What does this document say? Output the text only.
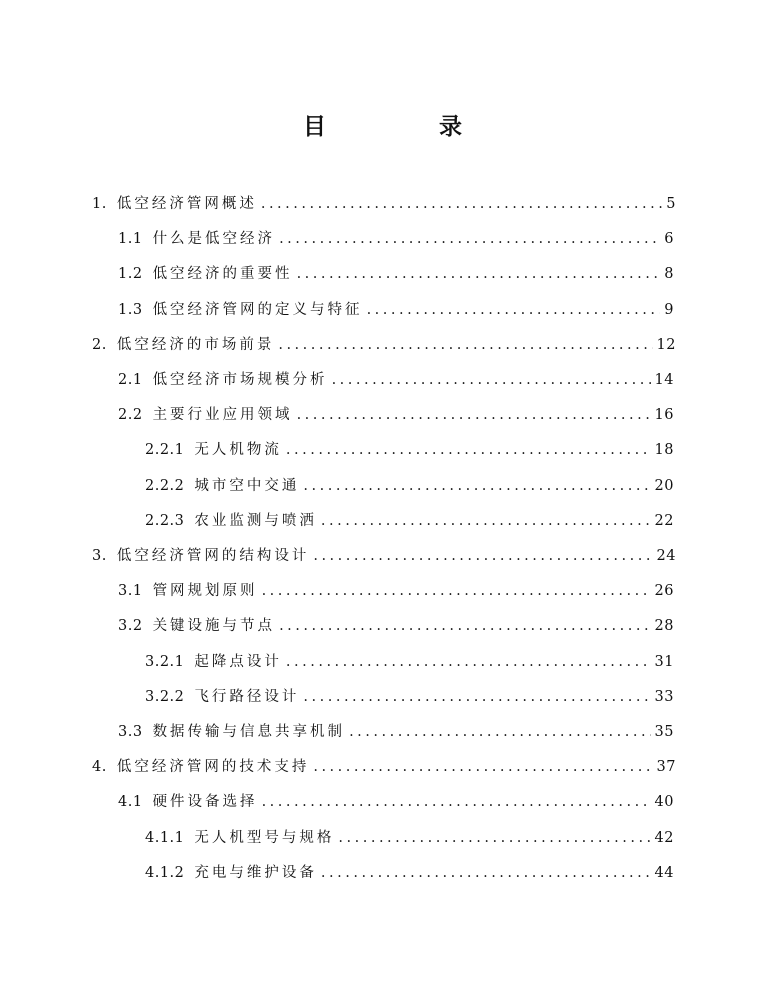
目　录
1. 低空经济管网概述 .....	5
1.1 什么是低空经济 .....	6
1.2 低空经济的重要性 .....	8
1.3 低空经济管网的定义与特征 .....	9
2. 低空经济的市场前景 .....	12
2.1 低空经济市场规模分析 .....	14
2.2 主要行业应用领域 .....	16
2.2.1 无人机物流 .....	18
2.2.2 城市空中交通 .....	20
2.2.3 农业监测与喷洒 .....	22
3. 低空经济管网的结构设计 .....	24
3.1 管网规划原则 .....	26
3.2 关键设施与节点 .....	28
3.2.1 起降点设计 .....	31
3.2.2 飞行路径设计 .....	33
3.3 数据传输与信息共享机制 .....	35
4. 低空经济管网的技术支持 .....	37
4.1 硬件设备选择 .....	40
4.1.1 无人机型号与规格 .....	42
4.1.2 充电与维护设备 .....	44
